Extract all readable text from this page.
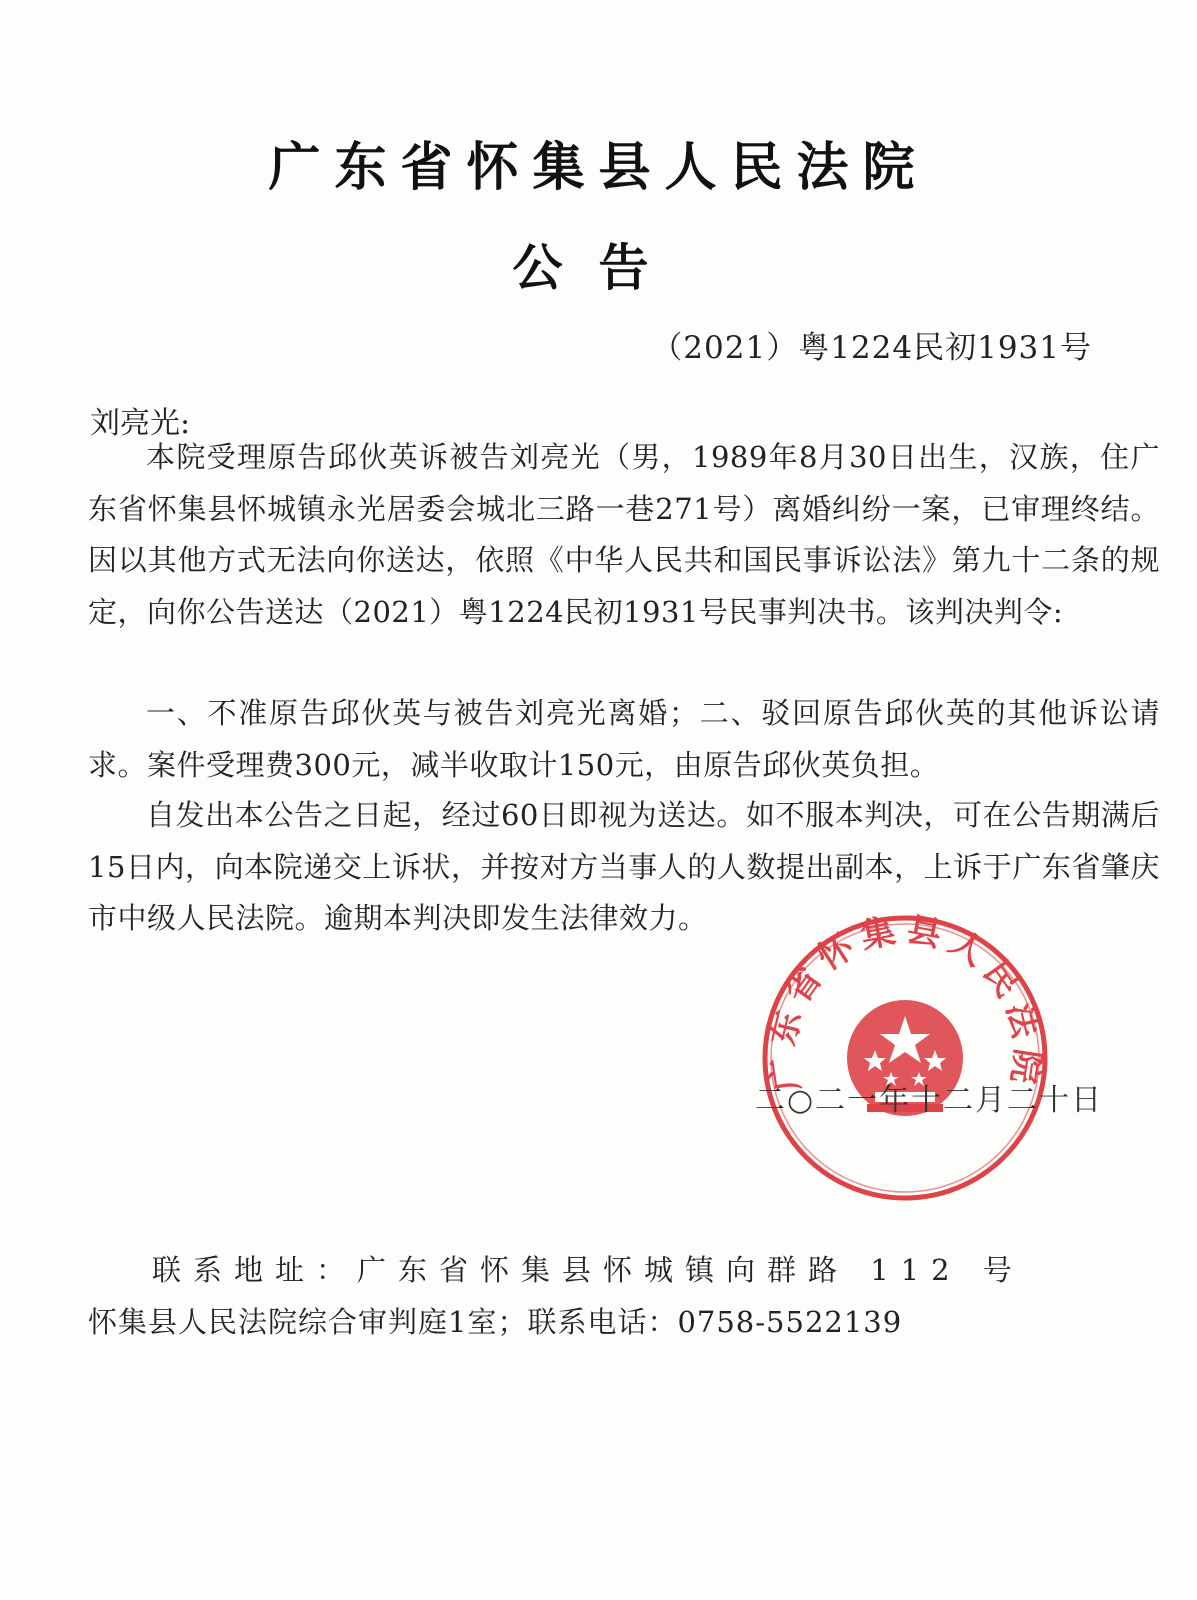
广东省怀集县人民法院
公告
（2021）粤1224民初1931号
刘亮光:
本院受理原告邱伙英诉被告刘亮光（男，1989年8月30日出生，汉族，住广东省怀集县怀城镇永光居委会城北三路一巷271号）离婚纠纷一案，已审理终结。因以其他方式无法向你送达，依照《中华人民共和国民事诉讼法》第九十二条的规定，向你公告送达（2021）粤1224民初1931号民事判决书。该判决判令:
一、不准原告邱伙英与被告刘亮光离婚；二、驳回原告邱伙英的其他诉讼请求。案件受理费300元，减半收取计150元，由原告邱伙英负担。
自发出本公告之日起，经过60日即视为送达。如不服本判决，可在公告期满后15日内，向本院递交上诉状，并按对方当事人的人数提出副本，上诉于广东省肇庆市中级人民法院。逾期本判决即发生法律效力。
广东省怀集县人民法院
二○二一年十二月二十日
联系地址：广东省怀集县怀城镇向群路 112 号
怀集县人民法院综合审判庭1室；联系电话：0758-5522139
